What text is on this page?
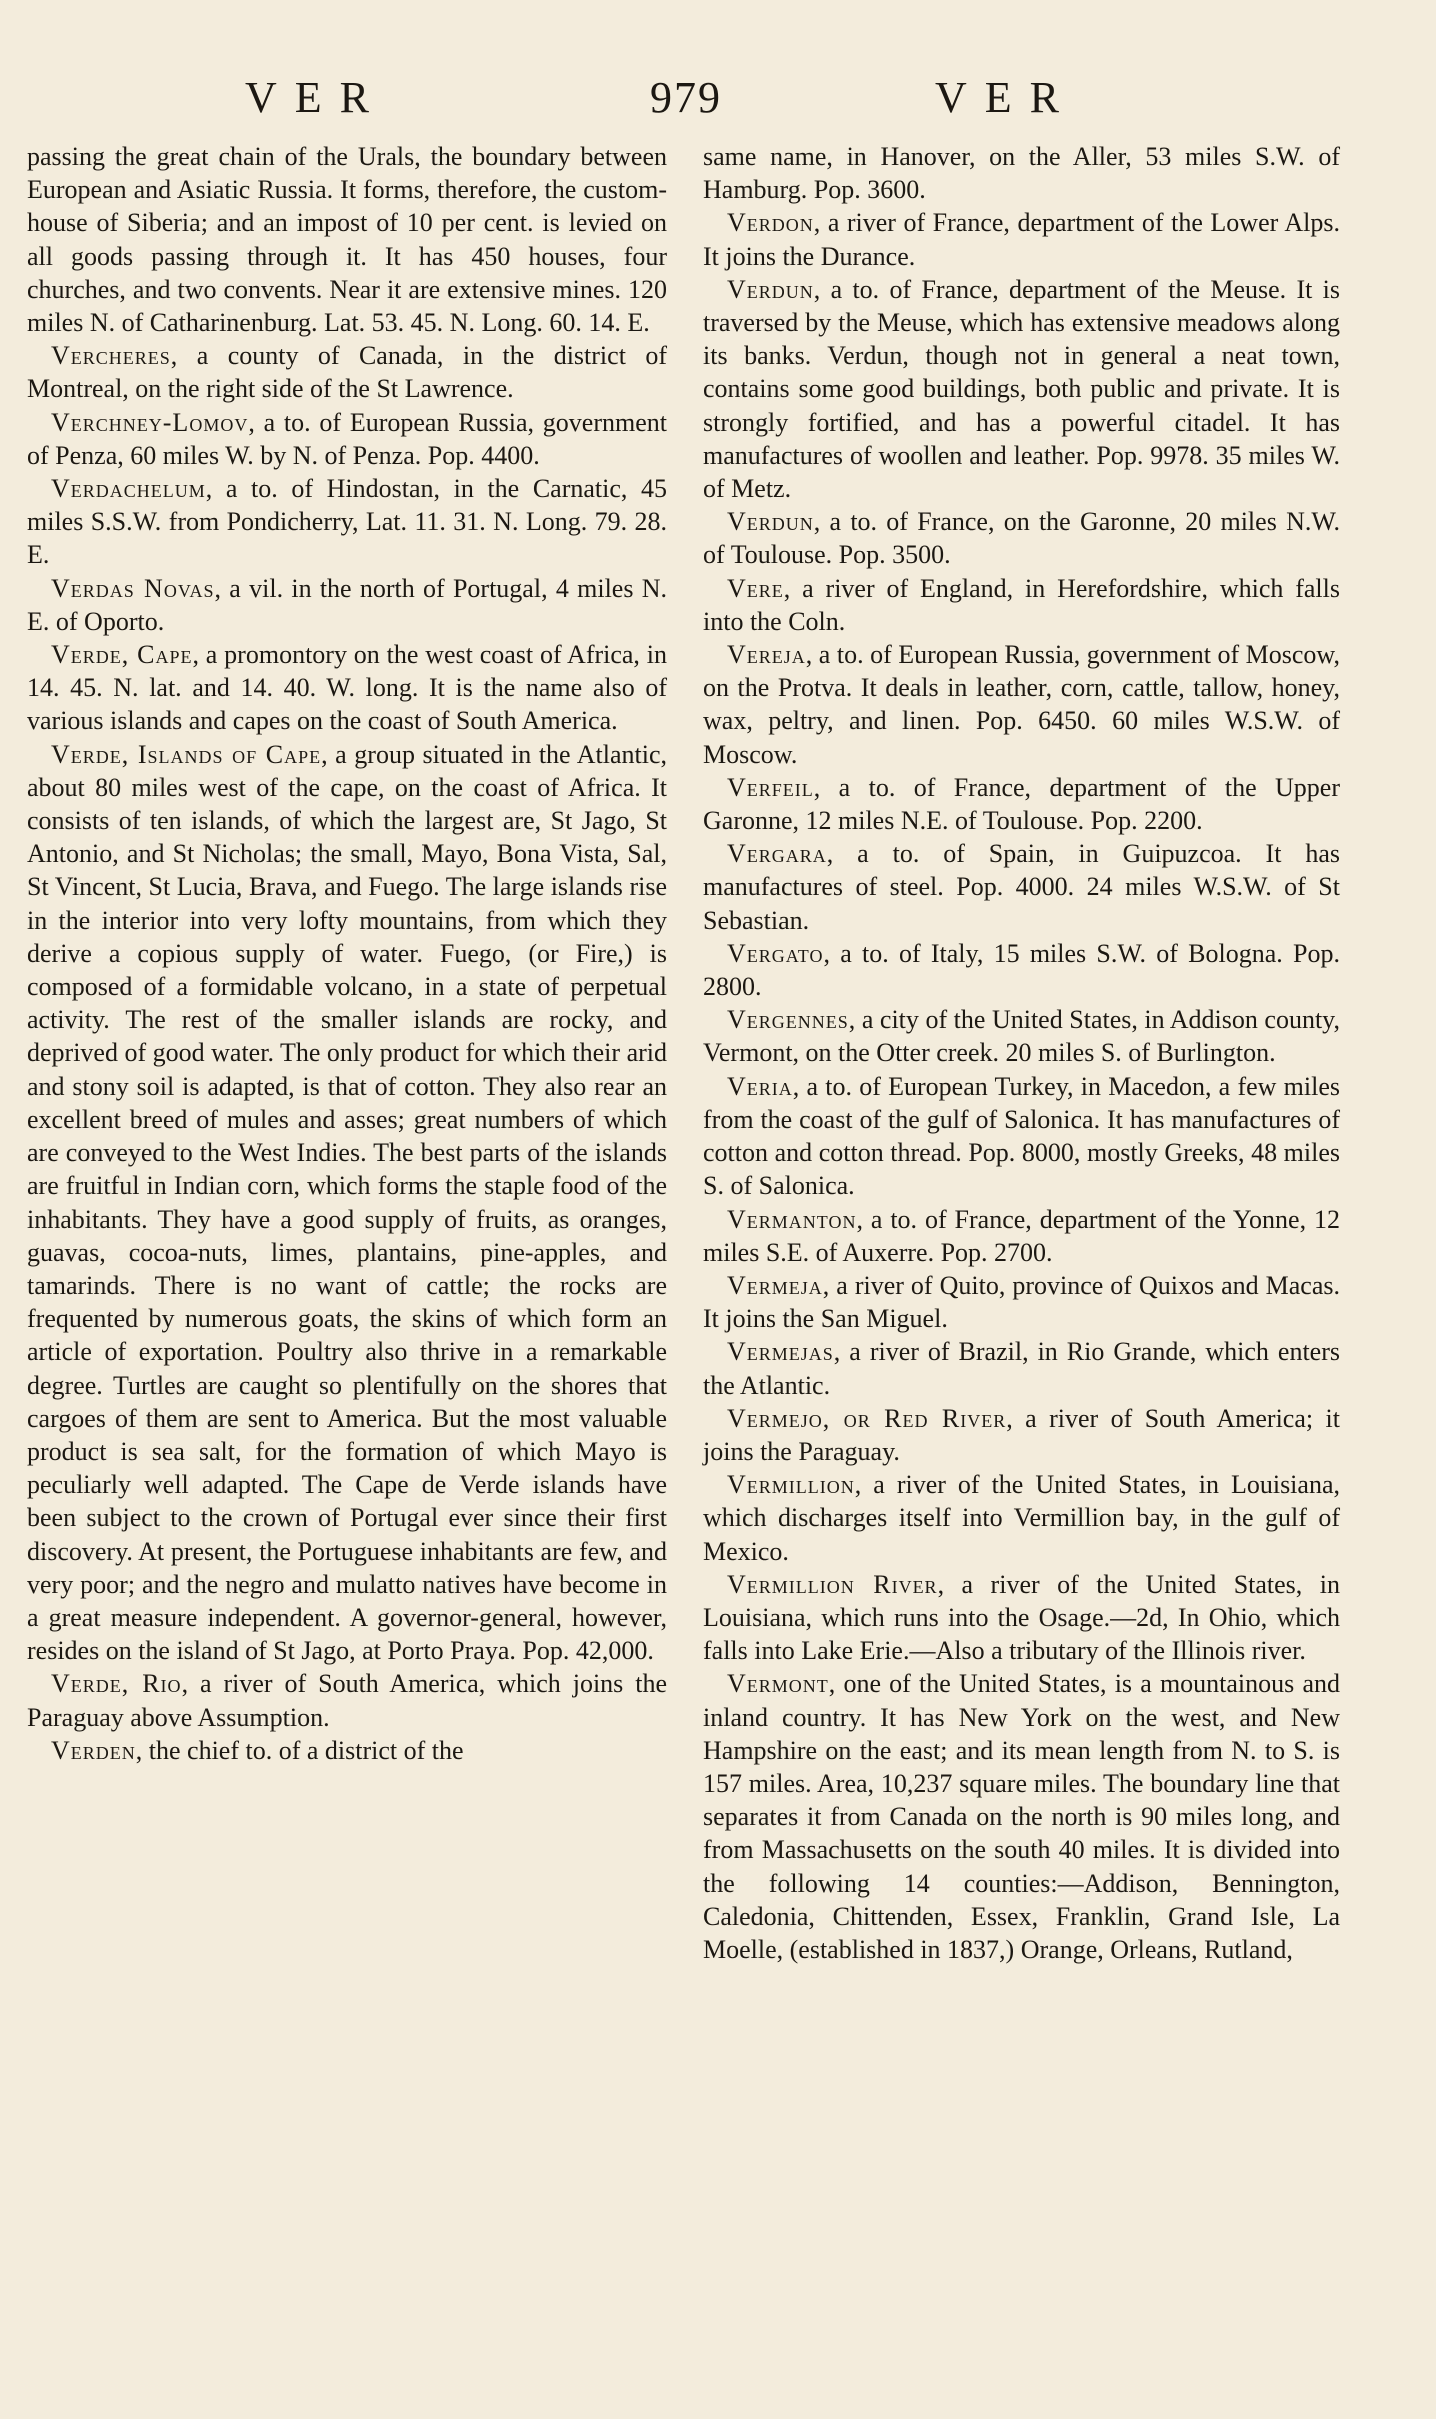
VER	979	VER

passing the great chain of the Urals, the boundary between European and Asiatic Russia. It forms, therefore, the custom-house of Siberia; and an impost of 10 per cent. is levied on all goods passing through it. It has 450 houses, four churches, and two convents. Near it are extensive mines. 120 miles N. of Catharinenburg. Lat. 53. 45. N. Long. 60. 14. E.

Vercheres, a county of Canada, in the district of Montreal, on the right side of the St Lawrence.

Verchney-Lomov, a to. of European Russia, government of Penza, 60 miles W. by N. of Penza. Pop. 4400.

Verdachelum, a to. of Hindostan, in the Carnatic, 45 miles S.S.W. from Pondicherry, Lat. 11. 31. N. Long. 79. 28. E.

Verdas Novas, a vil. in the north of Portugal, 4 miles N. E. of Oporto.

Verde, Cape, a promontory on the west coast of Africa, in 14. 45. N. lat. and 14. 40. W. long. It is the name also of various islands and capes on the coast of South America.

Verde, Islands of Cape, a group situated in the Atlantic, about 80 miles west of the cape, on the coast of Africa. It consists of ten islands, of which the largest are, St Jago, St Antonio, and St Nicholas; the small, Mayo, Bona Vista, Sal, St Vincent, St Lucia, Brava, and Fuego. The large islands rise in the interior into very lofty mountains, from which they derive a copious supply of water. Fuego, (or Fire,) is composed of a formidable volcano, in a state of perpetual activity. The rest of the smaller islands are rocky, and deprived of good water. The only product for which their arid and stony soil is adapted, is that of cotton. They also rear an excellent breed of mules and asses; great numbers of which are conveyed to the West Indies. The best parts of the islands are fruitful in Indian corn, which forms the staple food of the inhabitants. They have a good supply of fruits, as oranges, guavas, cocoa-nuts, limes, plantains, pine-apples, and tamarinds. There is no want of cattle; the rocks are frequented by numerous goats, the skins of which form an article of exportation. Poultry also thrive in a remarkable degree. Turtles are caught so plentifully on the shores that cargoes of them are sent to America. But the most valuable product is sea salt, for the formation of which Mayo is peculiarly well adapted. The Cape de Verde islands have been subject to the crown of Portugal ever since their first discovery. At present, the Portuguese inhabitants are few, and very poor; and the negro and mulatto natives have become in a great measure independent. A governor-general, however, resides on the island of St Jago, at Porto Praya. Pop. 42,000.

Verde, Rio, a river of South America, which joins the Paraguay above Assumption.

Verden, the chief to. of a district of the

same name, in Hanover, on the Aller, 53 miles S.W. of Hamburg. Pop. 3600.

Verdon, a river of France, department of the Lower Alps. It joins the Durance.

Verdun, a to. of France, department of the Meuse. It is traversed by the Meuse, which has extensive meadows along its banks. Verdun, though not in general a neat town, contains some good buildings, both public and private. It is strongly fortified, and has a powerful citadel. It has manufactures of woollen and leather. Pop. 9978. 35 miles W. of Metz.

Verdun, a to. of France, on the Garonne, 20 miles N.W. of Toulouse. Pop. 3500.

Vere, a river of England, in Herefordshire, which falls into the Coln.

Vereja, a to. of European Russia, government of Moscow, on the Protva. It deals in leather, corn, cattle, tallow, honey, wax, peltry, and linen. Pop. 6450. 60 miles W.S.W. of Moscow.

Verfeil, a to. of France, department of the Upper Garonne, 12 miles N.E. of Toulouse. Pop. 2200.

Vergara, a to. of Spain, in Guipuzcoa. It has manufactures of steel. Pop. 4000. 24 miles W.S.W. of St Sebastian.

Vergato, a to. of Italy, 15 miles S.W. of Bologna. Pop. 2800.

Vergennes, a city of the United States, in Addison county, Vermont, on the Otter creek. 20 miles S. of Burlington.

Veria, a to. of European Turkey, in Macedon, a few miles from the coast of the gulf of Salonica. It has manufactures of cotton and cotton thread. Pop. 8000, mostly Greeks, 48 miles S. of Salonica.

Vermanton, a to. of France, department of the Yonne, 12 miles S.E. of Auxerre. Pop. 2700.

Vermeja, a river of Quito, province of Quixos and Macas. It joins the San Miguel.

Vermejas, a river of Brazil, in Rio Grande, which enters the Atlantic.

Vermejo, or Red River, a river of South America; it joins the Paraguay.

Vermillion, a river of the United States, in Louisiana, which discharges itself into Vermillion bay, in the gulf of Mexico.

Vermillion River, a river of the United States, in Louisiana, which runs into the Osage.—2d, In Ohio, which falls into Lake Erie.—Also a tributary of the Illinois river.

Vermont, one of the United States, is a mountainous and inland country. It has New York on the west, and New Hampshire on the east; and its mean length from N. to S. is 157 miles. Area, 10,237 square miles. The boundary line that separates it from Canada on the north is 90 miles long, and from Massachusetts on the south 40 miles. It is divided into the following 14 counties:—Addison, Bennington, Caledonia, Chittenden, Essex, Franklin, Grand Isle, La Moelle, (established in 1837,) Orange, Orleans, Rutland,
